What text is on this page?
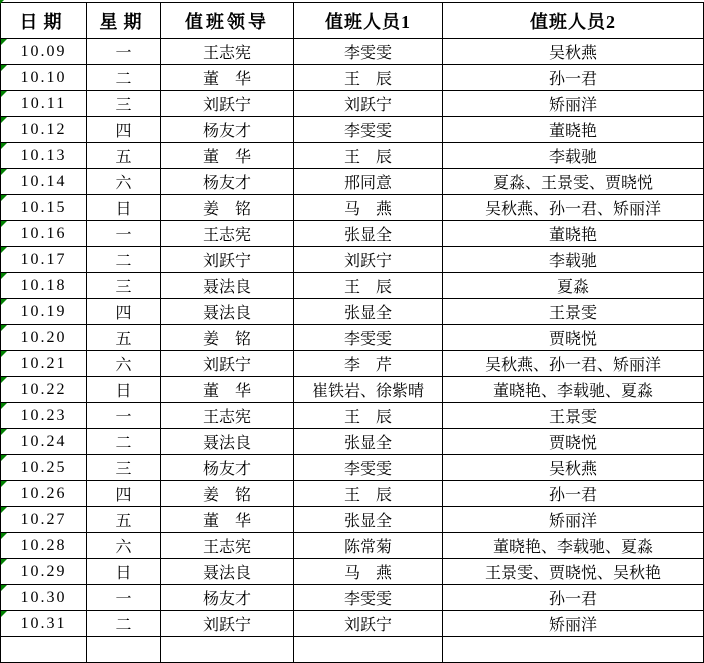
日期	星期	值班领导	值班人员1	值班人员2

10.09	一	王志宪	李雯雯	吴秋燕

10.10	二	董　华	王　辰	孙一君

10.11	三	刘跃宁	刘跃宁	矫丽洋

10.12	四	杨友才	李雯雯	董晓艳

10.13	五	董　华	王　辰	李载驰

10.14	六	杨友才	邢同意	夏淼、王景雯、贾晓悦

10.15	日	姜　铭	马　燕	吴秋燕、孙一君、矫丽洋

10.16	一	王志宪	张显全	董晓艳

10.17	二	刘跃宁	刘跃宁	李载驰

10.18	三	聂法良	王　辰	夏淼

10.19	四	聂法良	张显全	王景雯

10.20	五	姜　铭	李雯雯	贾晓悦

10.21	六	刘跃宁	李　芹	吴秋燕、孙一君、矫丽洋

10.22	日	董　华	崔铁岩、徐紫晴	董晓艳、李载驰、夏淼

10.23	一	王志宪	王　辰	王景雯

10.24	二	聂法良	张显全	贾晓悦

10.25	三	杨友才	李雯雯	吴秋燕

10.26	四	姜　铭	王　辰	孙一君

10.27	五	董　华	张显全	矫丽洋

10.28	六	王志宪	陈常菊	董晓艳、李载驰、夏淼

10.29	日	聂法良	马　燕	王景雯、贾晓悦、吴秋艳

10.30	一	杨友才	李雯雯	孙一君

10.31	二	刘跃宁	刘跃宁	矫丽洋
